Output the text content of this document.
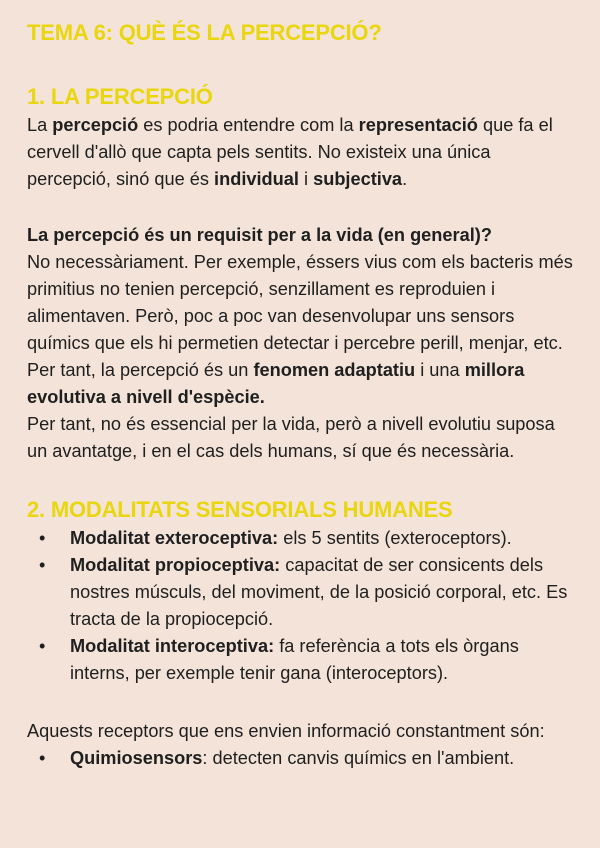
TEMA 6: QUÈ ÉS LA PERCEPCIÓ?
1. LA PERCEPCIÓ

La percepció es podria entendre com la representació que fa el cervell d'allò que capta pels sentits. No existeix una única percepció, sinó que és individual i subjectiva.

La percepció és un requisit per a la vida (en general)?

No necessàriament. Per exemple, éssers vius com els bacteris més primitius no tenien percepció, senzillament es reproduien i alimentaven. Però, poc a poc van desenvolupar uns sensors químics que els hi permetien detectar i percebre perill, menjar, etc. Per tant, la percepció és un fenomen adaptatiu i una millora evolutiva a nivell d'espècie.

Per tant, no és essencial per la vida, però a nivell evolutiu suposa un avantatge, i en el cas dels humans, sí que és necessària.

2. MODALITATS SENSORIALS HUMANES
• Modalitat exteroceptiva: els 5 sentits (exteroceptors).
• Modalitat propioceptiva: capacitat de ser consicents dels nostres músculs, del moviment, de la posició corporal, etc. Es tracta de la propiocepció.
• Modalitat interoceptiva: fa referència a tots els òrgans interns, per exemple tenir gana (interoceptors).

Aquests receptors que ens envien informació constantment són:

• Quimiosensors: detecten canvis químics en l'ambient.
